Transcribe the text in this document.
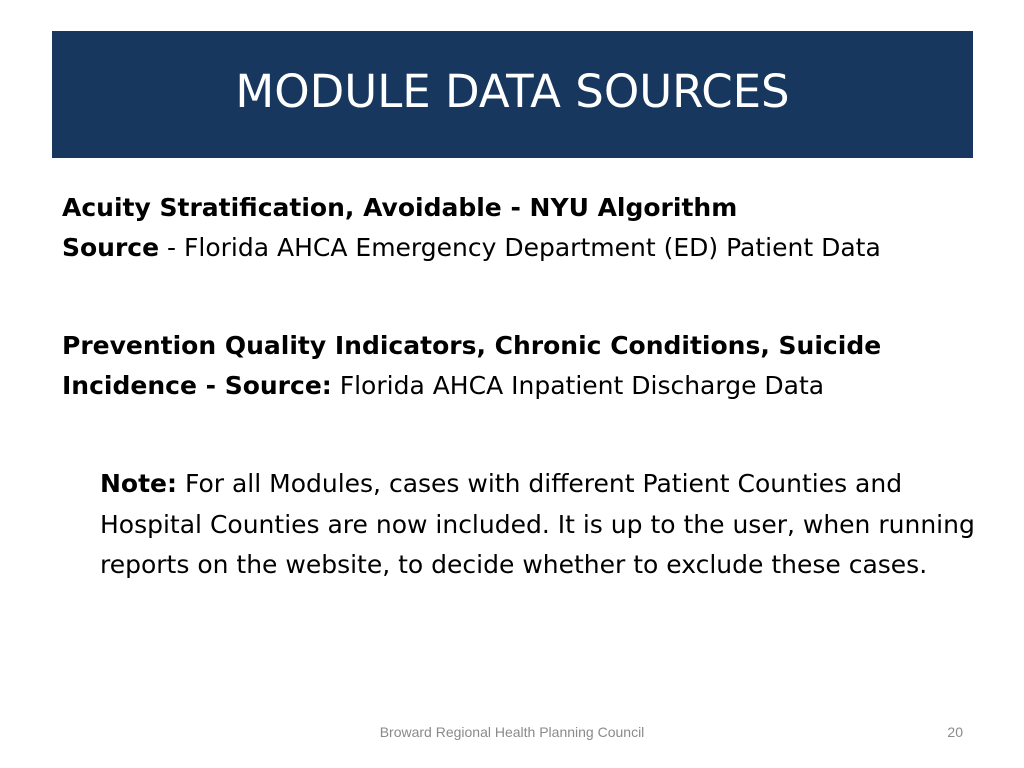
MODULE DATA SOURCES

Acuity Stratification, Avoidable - NYU Algorithm

Source - Florida AHCA Emergency Department (ED) Patient Data

Prevention Quality Indicators, Chronic Conditions, Suicide

Incidence - Source: Florida AHCA Inpatient Discharge Data

Note: For all Modules, cases with different Patient Counties and Hospital Counties are now included. It is up to the user, when running reports on the website, to decide whether to exclude these cases.

Broward Regional Health Planning Council	20
